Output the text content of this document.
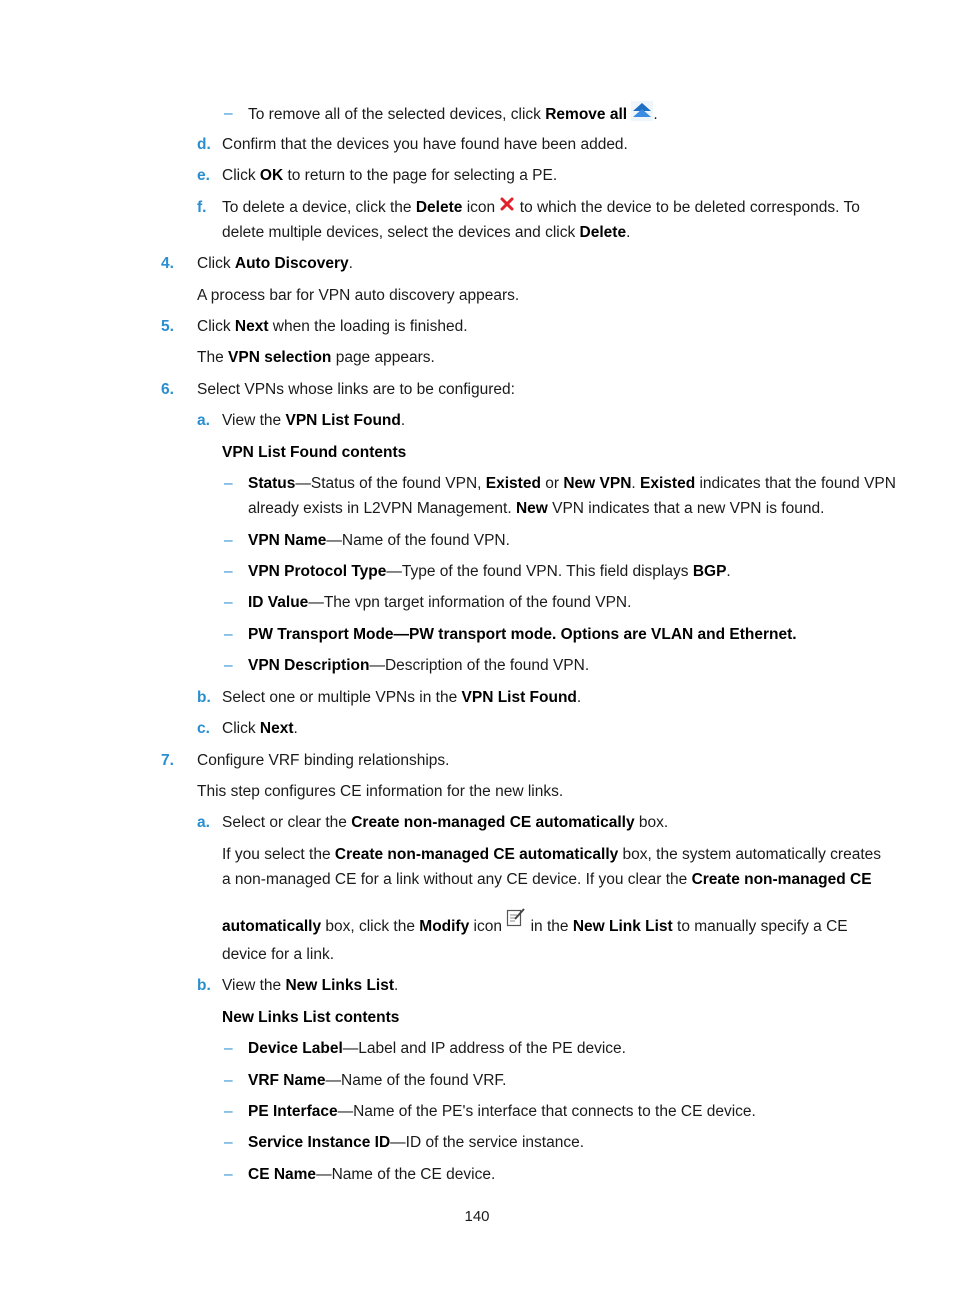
– To remove all of the selected devices, click Remove all .
d. Confirm that the devices you have found have been added.
e. Click OK to return to the page for selecting a PE.
f. To delete a device, click the Delete icon  to which the device to be deleted corresponds. To
delete multiple devices, select the devices and click Delete.
4. Click Auto Discovery.
A process bar for VPN auto discovery appears.
5. Click Next when the loading is finished.
The VPN selection page appears.
6. Select VPNs whose links are to be configured:
a. View the VPN List Found.
VPN List Found contents
– Status—Status of the found VPN, Existed or New VPN. Existed indicates that the found VPN
already exists in L2VPN Management. New VPN indicates that a new VPN is found.
– VPN Name—Name of the found VPN.
– VPN Protocol Type—Type of the found VPN. This field displays BGP.
– ID Value—The vpn target information of the found VPN.
– PW Transport Mode—PW transport mode. Options are VLAN and Ethernet.
– VPN Description—Description of the found VPN.
b. Select one or multiple VPNs in the VPN List Found.
c. Click Next.
7. Configure VRF binding relationships.
This step configures CE information for the new links.
a. Select or clear the Create non-managed CE automatically box.
If you select the Create non-managed CE automatically box, the system automatically creates
a non-managed CE for a link without any CE device. If you clear the Create non-managed CE
automatically box, click the Modify icon  in the New Link List to manually specify a CE
device for a link.
b. View the New Links List.
New Links List contents
– Device Label—Label and IP address of the PE device.
– VRF Name—Name of the found VRF.
– PE Interface—Name of the PE's interface that connects to the CE device.
– Service Instance ID—ID of the service instance.
– CE Name—Name of the CE device.
140
